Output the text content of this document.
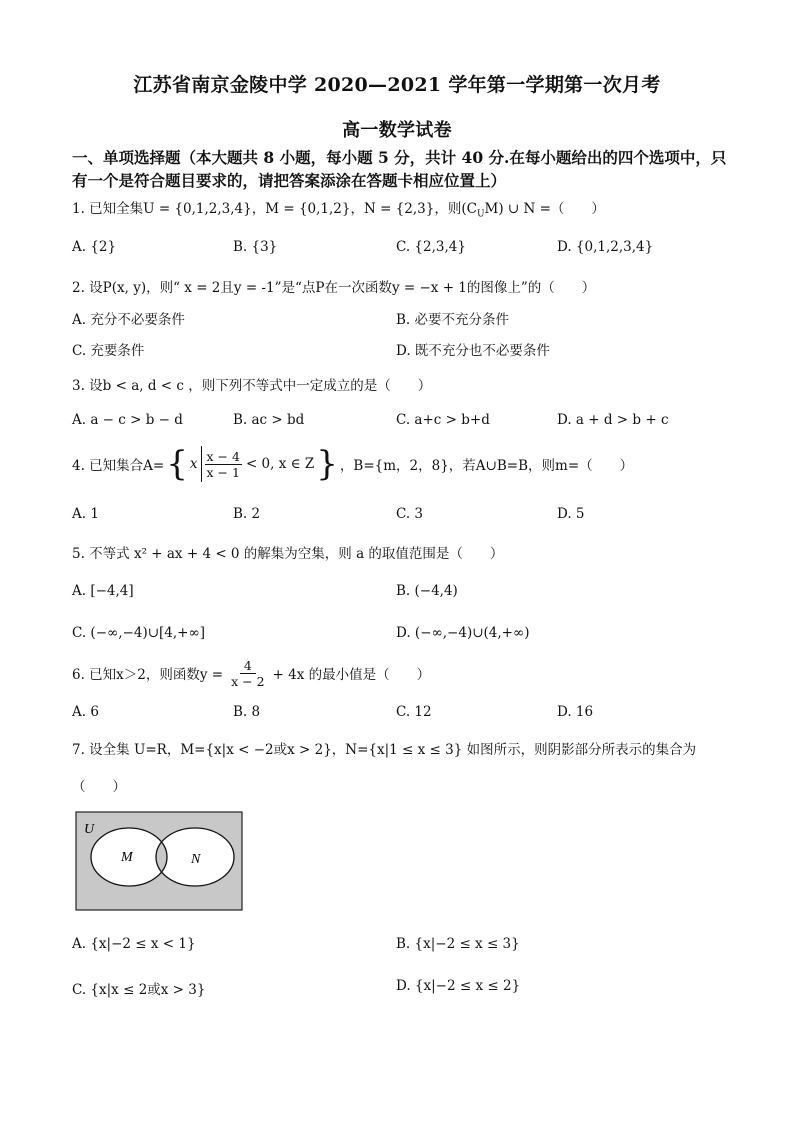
江苏省南京金陵中学 2020—2021 学年第一学期第一次月考
高一数学试卷
一、单项选择题（本大题共 8 小题，每小题 5 分，共计 40 分.在每小题给出的四个选项中，只
有一个是符合题目要求的，请把答案添涂在答题卡相应位置上）
1. 已知全集U = {0,1,2,3,4}，M = {0,1,2}，N = {2,3}，则$(C_UM)$ ∪ N =（　　）
A. {2}	B. {3}	C. {2,3,4}	D. {0,1,2,3,4}
2. 设P(x, y)，则“ x = 2且y = -1”是“点P在一次函数y = −x + 1的图像上”的（　　）
A. 充分不必要条件	B. 必要不充分条件
C. 充要条件	D. 既不充分也不必要条件
3. 设b < a, d < c ，则下列不等式中一定成立的是（　　）
A. a − c > b − d	B. ac > bd	C. a+c > b+d	D. a + d > b + c
4. 已知集合A= { x x − 4
x − 1 < 0, x ∈ Z } ，B={m，2，8}，若A∪B=B，则m=（　　）
A. 1	B. 2	C. 3	D. 5
5. 不等式 x² + ax + 4 < 0 的解集为空集，则 a 的取值范围是（　　）
A. [−4,4]	B. (−4,4)
C. (−∞,−4)∪[4,+∞]	D. (−∞,−4)∪(4,+∞)
6. 已知x＞2，则函数$y = \frac{4}{x - 2} + 4x$ 的最小值是（　　）
A. 6	B. 8	C. 12	D. 16
7. 设全集 U=R，M={x|x < −2或x > 2}，N={x|1 ≤ x ≤ 3} 如图所示，则阴影部分所表示的集合为
（　　）
U
M	N
A. {x|−2 ≤ x < 1}	B. {x|−2 ≤ x ≤ 3}
C. {x|x ≤ 2或x > 3}	D. {x|−2 ≤ x ≤ 2}
